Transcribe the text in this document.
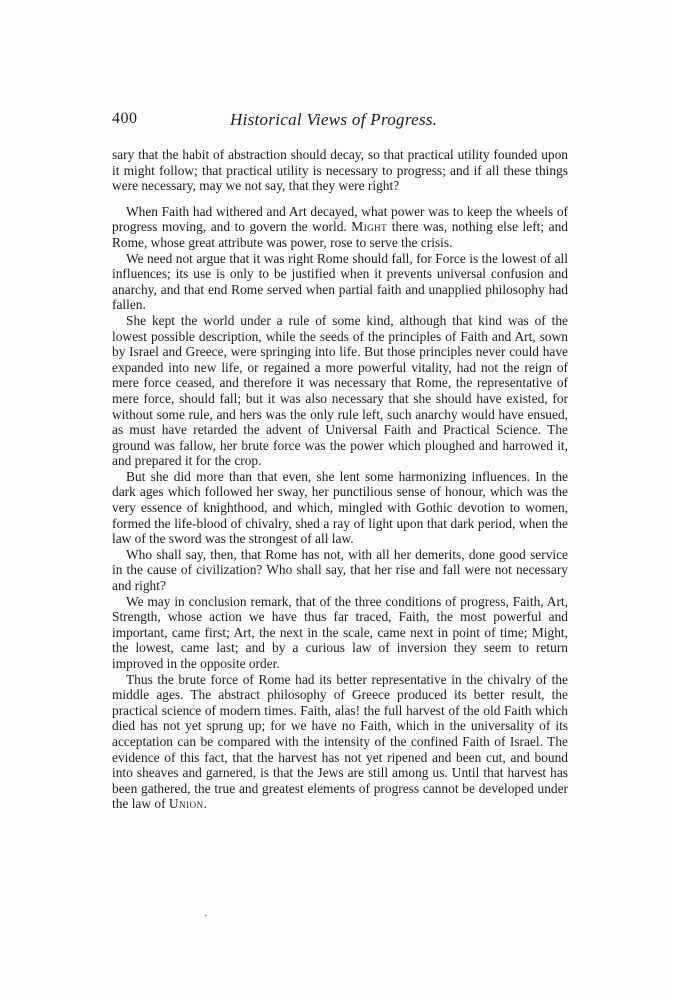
400	Historical Views of Progress.

sary that the habit of abstraction should decay, so that practical utility founded upon it might follow; that practical utility is necessary to progress; and if all these things were necessary, may we not say, that they were right?

When Faith had withered and Art decayed, what power was to keep the wheels of progress moving, and to govern the world. Might there was, nothing else left; and Rome, whose great attribute was power, rose to serve the crisis.

We need not argue that it was right Rome should fall, for Force is the lowest of all influences; its use is only to be justified when it prevents universal confusion and anarchy, and that end Rome served when partial faith and unapplied philosophy had fallen.

She kept the world under a rule of some kind, although that kind was of the lowest possible description, while the seeds of the principles of Faith and Art, sown by Israel and Greece, were springing into life. But those principles never could have expanded into new life, or regained a more powerful vitality, had not the reign of mere force ceased, and therefore it was necessary that Rome, the representative of mere force, should fall; but it was also necessary that she should have existed, for without some rule, and hers was the only rule left, such anarchy would have ensued, as must have retarded the advent of Universal Faith and Practical Science. The ground was fallow, her brute force was the power which ploughed and harrowed it, and prepared it for the crop.

But she did more than that even, she lent some harmonizing influences. In the dark ages which followed her sway, her punctilious sense of honour, which was the very essence of knighthood, and which, mingled with Gothic devotion to women, formed the life-blood of chivalry, shed a ray of light upon that dark period, when the law of the sword was the strongest of all law.

Who shall say, then, that Rome has not, with all her demerits, done good service in the cause of civilization? Who shall say, that her rise and fall were not necessary and right?

We may in conclusion remark, that of the three conditions of progress, Faith, Art, Strength, whose action we have thus far traced, Faith, the most powerful and important, came first; Art, the next in the scale, came next in point of time; Might, the lowest, came last; and by a curious law of inversion they seem to return improved in the opposite order.

Thus the brute force of Rome had its better representative in the chivalry of the middle ages. The abstract philosophy of Greece produced its better result, the practical science of modern times. Faith, alas! the full harvest of the old Faith which died has not yet sprung up; for we have no Faith, which in the universality of its acceptation can be compared with the intensity of the confined Faith of Israel. The evidence of this fact, that the harvest has not yet ripened and been cut, and bound into sheaves and garnered, is that the Jews are still among us. Until that harvest has been gathered, the true and greatest elements of progress cannot be developed under the law of Union.

·
